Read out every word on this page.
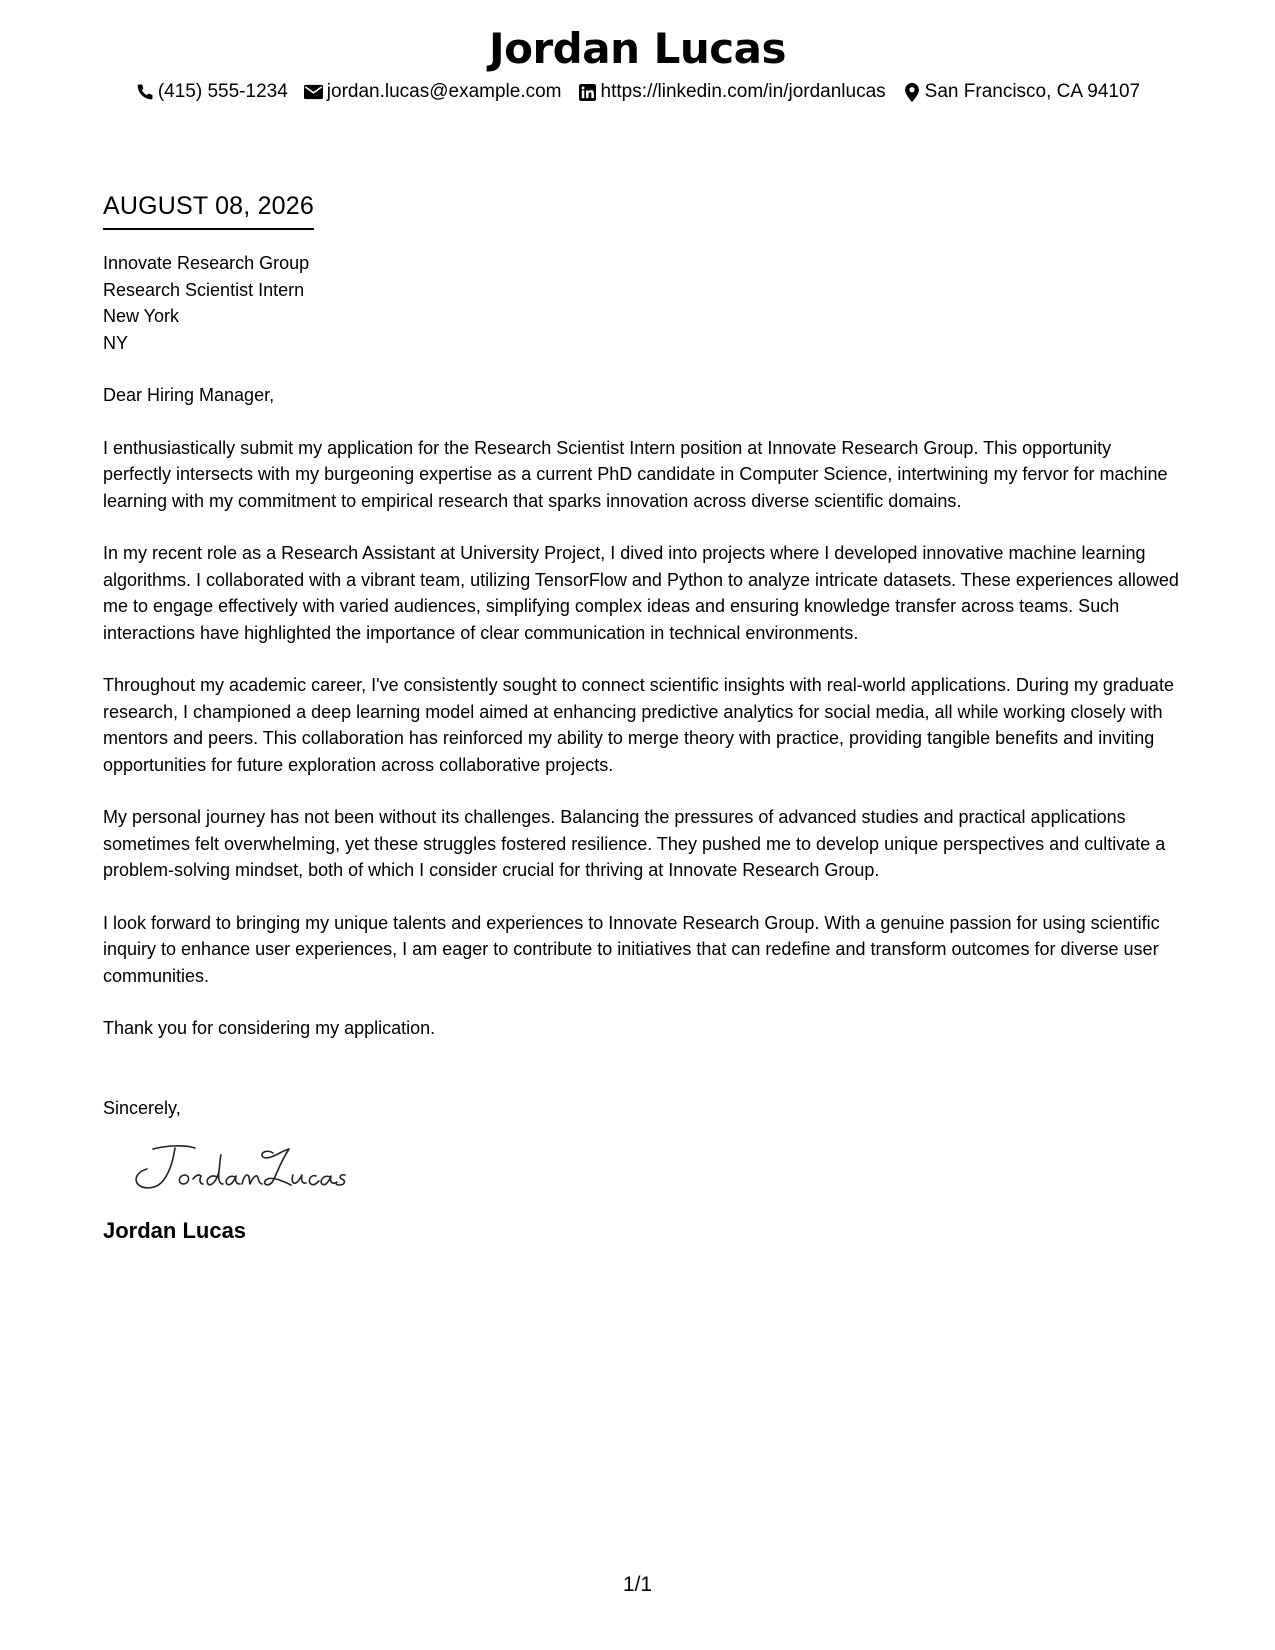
Jordan Lucas
(415) 555-1234 jordan.lucas@example.com https://linkedin.com/in/jordanlucas San Francisco, CA 94107
AUGUST 08, 2026
Innovate Research Group
Research Scientist Intern
New York
NY
Dear Hiring Manager,

I enthusiastically submit my application for the Research Scientist Intern position at Innovate Research Group. This opportunity perfectly intersects with my burgeoning expertise as a current PhD candidate in Computer Science, intertwining my fervor for machine learning with my commitment to empirical research that sparks innovation across diverse scientific domains.

In my recent role as a Research Assistant at University Project, I dived into projects where I developed innovative machine learning algorithms. I collaborated with a vibrant team, utilizing TensorFlow and Python to analyze intricate datasets. These experiences allowed me to engage effectively with varied audiences, simplifying complex ideas and ensuring knowledge transfer across teams. Such interactions have highlighted the importance of clear communication in technical environments.

Throughout my academic career, I've consistently sought to connect scientific insights with real-world applications. During my graduate research, I championed a deep learning model aimed at enhancing predictive analytics for social media, all while working closely with mentors and peers. This collaboration has reinforced my ability to merge theory with practice, providing tangible benefits and inviting opportunities for future exploration across collaborative projects.

My personal journey has not been without its challenges. Balancing the pressures of advanced studies and practical applications sometimes felt overwhelming, yet these struggles fostered resilience. They pushed me to develop unique perspectives and cultivate a problem-solving mindset, both of which I consider crucial for thriving at Innovate Research Group.

I look forward to bringing my unique talents and experiences to Innovate Research Group. With a genuine passion for using scientific inquiry to enhance user experiences, I am eager to contribute to initiatives that can redefine and transform outcomes for diverse user communities.

Thank you for considering my application.
Sincerely,
Jordan Lucas
1/1
